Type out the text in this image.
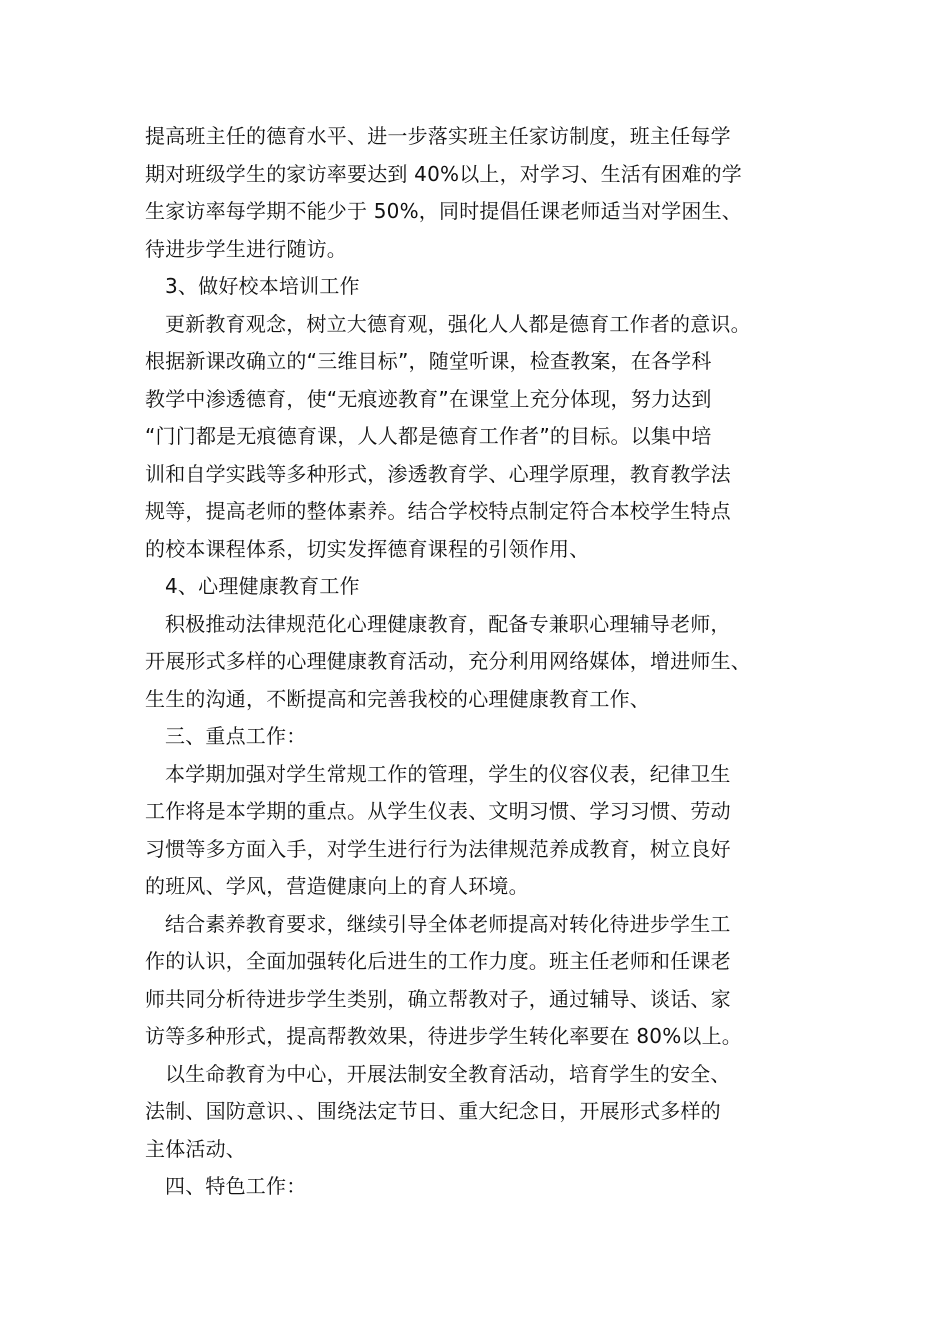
提高班主任的德育水平、进一步落实班主任家访制度，班主任每学
期对班级学生的家访率要达到 40%以上，对学习、生活有困难的学
生家访率每学期不能少于 50%，同时提倡任课老师适当对学困生、
待进步学生进行随访。
3、做好校本培训工作
更新教育观念，树立大德育观，强化人人都是德育工作者的意识。
根据新课改确立的“三维目标”，随堂听课，检查教案，在各学科
教学中渗透德育，使“无痕迹教育”在课堂上充分体现，努力达到
“门门都是无痕德育课，人人都是德育工作者”的目标。以集中培
训和自学实践等多种形式，渗透教育学、心理学原理，教育教学法
规等，提高老师的整体素养。结合学校特点制定符合本校学生特点
的校本课程体系，切实发挥德育课程的引领作用、
4、心理健康教育工作
积极推动法律规范化心理健康教育，配备专兼职心理辅导老师，
开展形式多样的心理健康教育活动，充分利用网络媒体，增进师生、
生生的沟通，不断提高和完善我校的心理健康教育工作、
三、重点工作：
本学期加强对学生常规工作的管理，学生的仪容仪表，纪律卫生
工作将是本学期的重点。从学生仪表、文明习惯、学习习惯、劳动
习惯等多方面入手，对学生进行行为法律规范养成教育，树立良好
的班风、学风，营造健康向上的育人环境。
结合素养教育要求，继续引导全体老师提高对转化待进步学生工
作的认识，全面加强转化后进生的工作力度。班主任老师和任课老
师共同分析待进步学生类别，确立帮教对子，通过辅导、谈话、家
访等多种形式，提高帮教效果，待进步学生转化率要在 80%以上。
以生命教育为中心，开展法制安全教育活动，培育学生的安全、
法制、国防意识、、围绕法定节日、重大纪念日，开展形式多样的
主体活动、
四、特色工作：
